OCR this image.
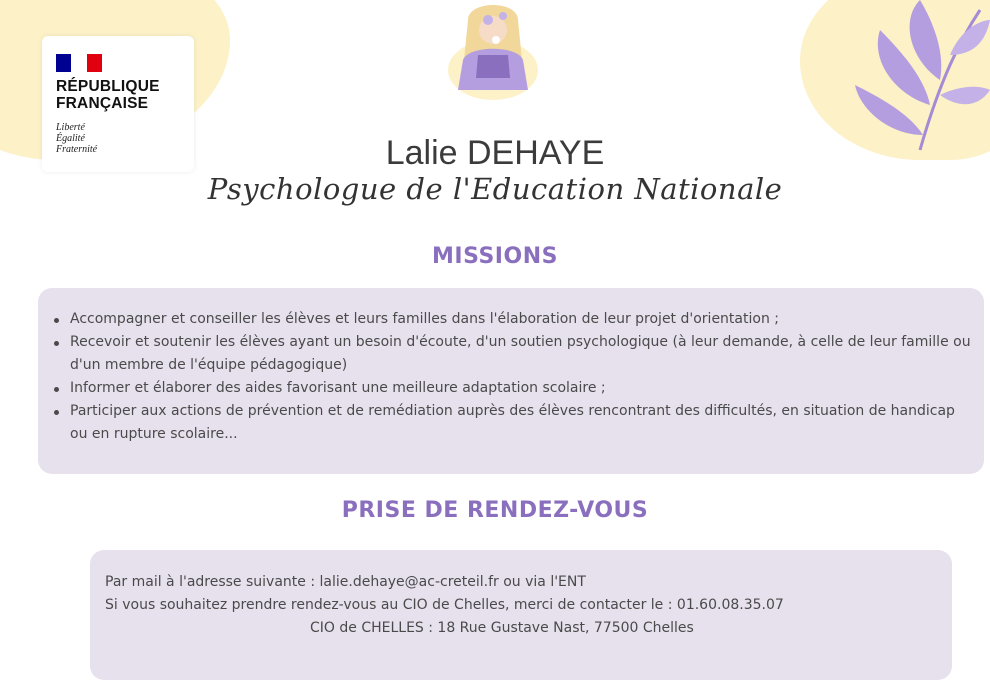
RÉPUBLIQUE
FRANÇAISE
Liberté
Égalité
Fraternité	Lalie DEHAYE
Psychologue de l'Education Nationale
MISSIONS
Accompagner et conseiller les élèves et leurs familles dans l'élaboration de leur projet d'orientation ;
Recevoir et soutenir les élèves ayant un besoin d'écoute, d'un soutien psychologique (à leur demande, à celle de leur famille ou d'un membre de l'équipe pédagogique)
Informer et élaborer des aides favorisant une meilleure adaptation scolaire ;
Participer aux actions de prévention et de remédiation auprès des élèves rencontrant des difficultés, en situation de handicap ou en rupture scolaire...
PRISE DE RENDEZ-VOUS
Par mail à l'adresse suivante : lalie.dehaye@ac-creteil.fr ou via l'ENT
Si vous souhaitez prendre rendez-vous au CIO de Chelles, merci de contacter le : 01.60.08.35.07
CIO de CHELLES : 18 Rue Gustave Nast, 77500 Chelles
